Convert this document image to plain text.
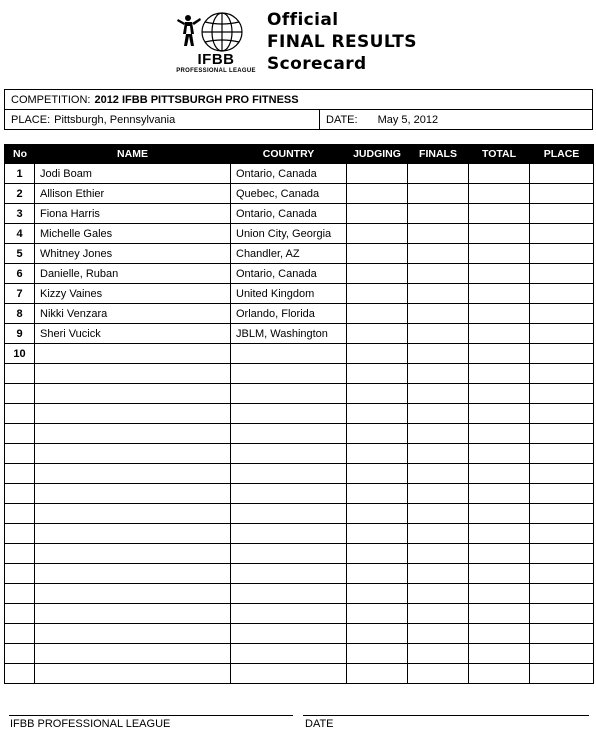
IFBB
PROFESSIONAL LEAGUE
Official
FINAL RESULTS
Scorecard
COMPETITION: 2012 IFBB PITTSBURGH PRO FITNESS
PLACE: Pittsburgh, Pennsylvania	DATE:	May 5, 2012
No	NAME	COUNTRY	JUDGING	FINALS	TOTAL	PLACE
1	Jodi Boam	Ontario, Canada				
2	Allison Ethier	Quebec, Canada				
3	Fiona Harris	Ontario, Canada				
4	Michelle Gales	Union City, Georgia				
5	Whitney Jones	Chandler, AZ				
6	Danielle, Ruban	Ontario, Canada				
7	Kizzy Vaines	United Kingdom				
8	Nikki Venzara	Orlando, Florida				
9	Sheri Vucick	JBLM, Washington				
10						

IFBB PROFESSIONAL LEAGUE	DATE
